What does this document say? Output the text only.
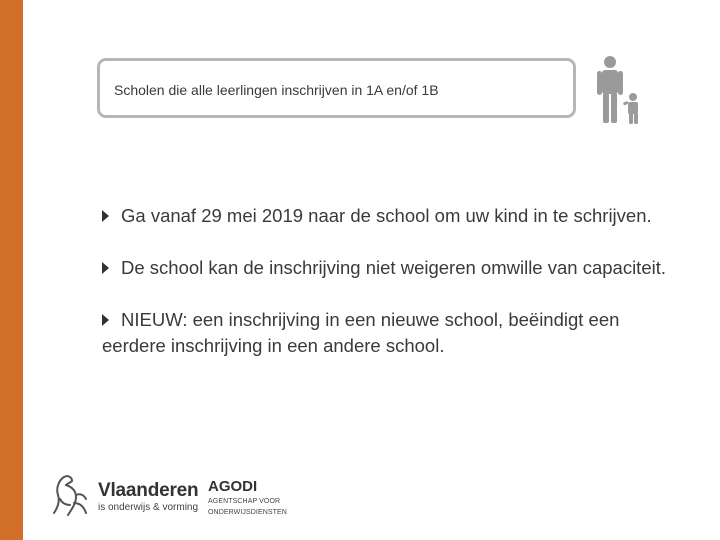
Scholen die alle leerlingen inschrijven in 1A en/of 1B
Ga vanaf 29 mei 2019 naar de school om uw kind in te schrijven.
De school kan de inschrijving niet weigeren omwille van capaciteit.
NIEUW: een inschrijving in een nieuwe school, beëindigt een eerdere inschrijving in een andere school.
Vlaanderen
is onderwijs & vorming
AGODI
AGENTSCHAP VOOR
ONDERWIJSDIENSTEN
